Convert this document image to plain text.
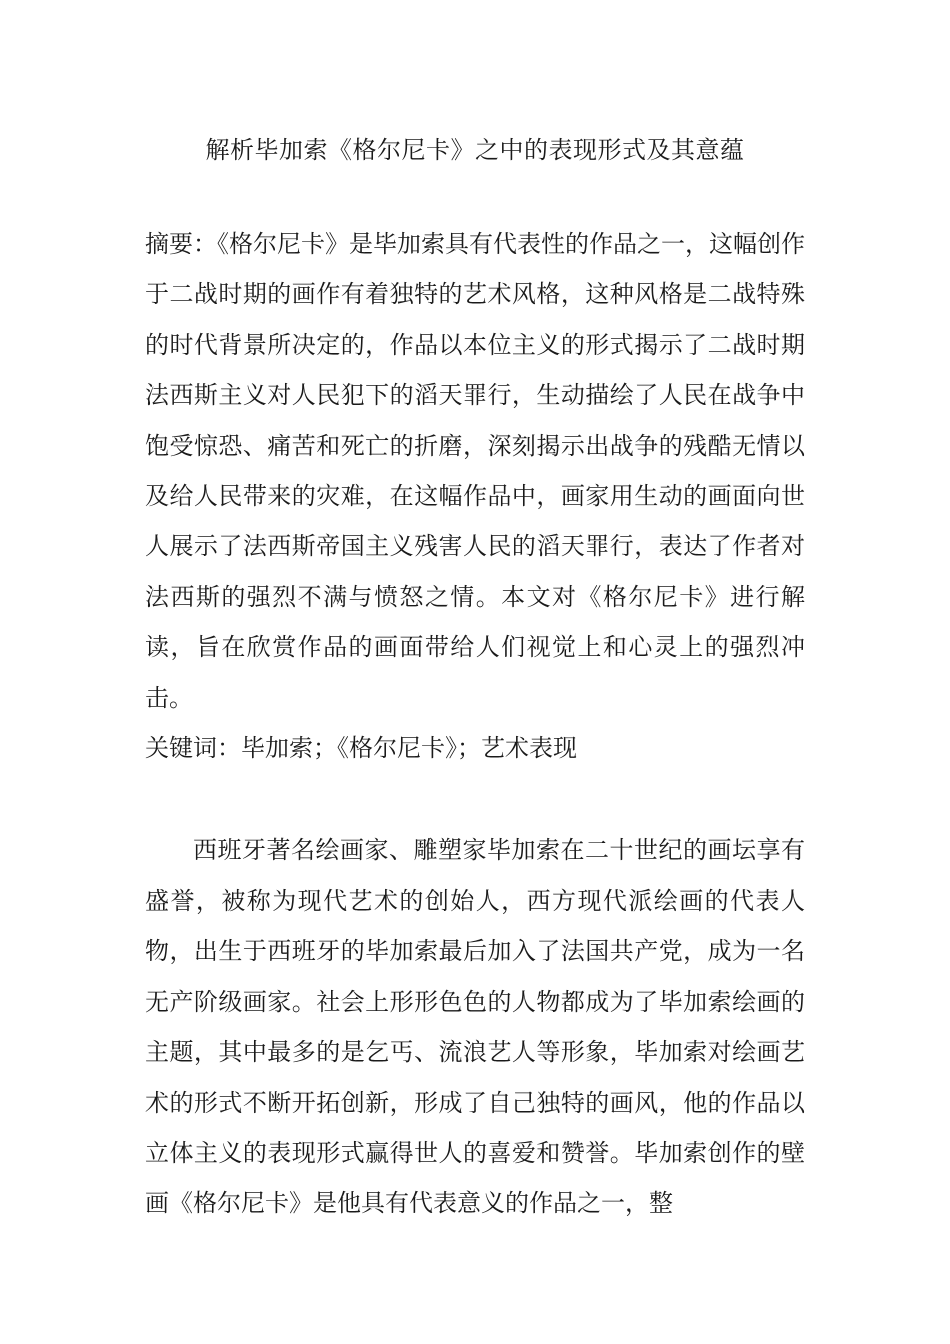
解析毕加索《格尔尼卡》之中的表现形式及其意蕴

摘要：《格尔尼卡》是毕加索具有代表性的作品之一，这幅创作于二战时期的画作有着独特的艺术风格，这种风格是二战特殊的时代背景所决定的，作品以本位主义的形式揭示了二战时期法西斯主义对人民犯下的滔天罪行，生动描绘了人民在战争中饱受惊恐、痛苦和死亡的折磨，深刻揭示出战争的残酷无情以及给人民带来的灾难，在这幅作品中，画家用生动的画面向世人展示了法西斯帝国主义残害人民的滔天罪行，表达了作者对法西斯的强烈不满与愤怒之情。本文对《格尔尼卡》进行解读，旨在欣赏作品的画面带给人们视觉上和心灵上的强烈冲击。

关键词：毕加索；《格尔尼卡》；艺术表现

西班牙著名绘画家、雕塑家毕加索在二十世纪的画坛享有盛誉，被称为现代艺术的创始人，西方现代派绘画的代表人物，出生于西班牙的毕加索最后加入了法国共产党，成为一名无产阶级画家。社会上形形色色的人物都成为了毕加索绘画的主题，其中最多的是乞丐、流浪艺人等形象，毕加索对绘画艺术的形式不断开拓创新，形成了自己独特的画风，他的作品以立体主义的表现形式赢得世人的喜爱和赞誉。毕加索创作的壁画《格尔尼卡》是他具有代表意义的作品之一，整
